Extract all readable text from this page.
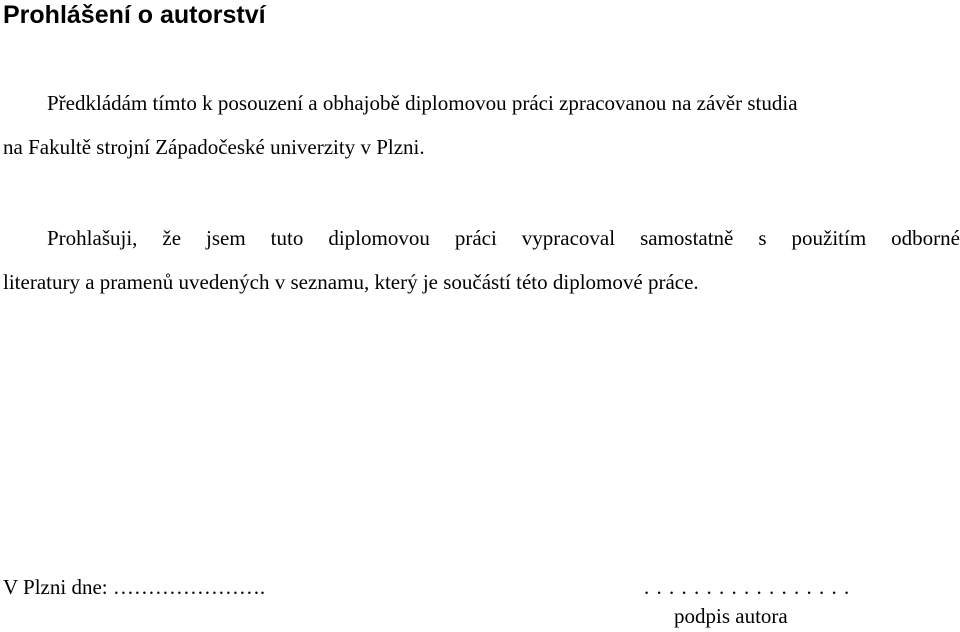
Prohlášení o autorství

Předkládám tímto k posouzení a obhajobě diplomovou práci zpracovanou na závěr studia
na Fakultě strojní Západočeské univerzity v Plzni.

Prohlašuji, že jsem tuto diplomovou práci vypracoval samostatně s použitím odborné
literatury a pramenů uvedených v seznamu, který je součástí této diplomové práce.

V Plzni dne: ………………….	. . . . . . . . . . . . . . . . .
podpis autora
